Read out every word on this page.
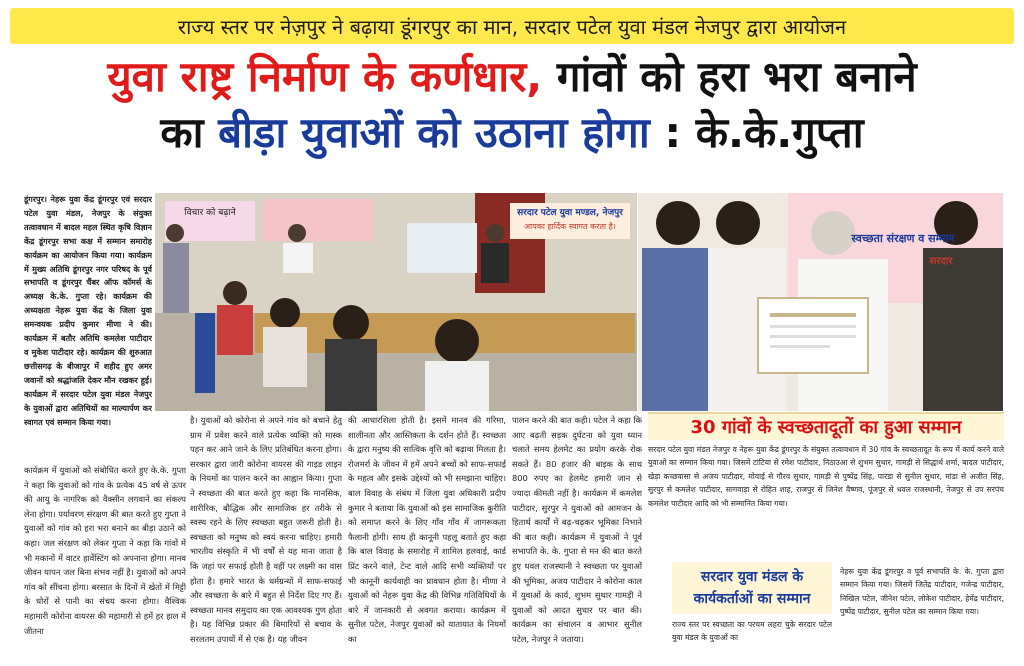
राज्य स्तर पर नेज़पुर ने बढ़ाया डूंगरपुर का मान, सरदार पटेल युवा मंडल नेजपुर द्वारा आयोजन
युवा राष्ट्र निर्माण के कर्णधार, गांवों को हरा भरा बनाने
का बीड़ा युवाओं को उठाना होगा : के.के.गुप्ता
डूंगरपुर। नेहरू युवा केंद्र डूंगरपुर एवं सरदार पटेल युवा मंडल, नेजपुर के संयुक्त तत्वावधान में बादल महल स्थित कृषि विज्ञान केंद्र डूंगरपुर सभा कक्ष में सम्मान समारोह कार्यक्रम का आयोजन किया गया। कार्यक्रम में मुख्य अतिथि डूंगरपुर नगर परिषद के पूर्व सभापति व डूंगरपुर चैंबर ऑफ कॉमर्स के अध्यक्ष के.के. गुप्ता रहे। कार्यक्रम की अध्यक्षता नेहरू युवा केंद्र के जिला युवा समन्वयक प्रदीप कुमार मीणा ने की। कार्यक्रम में बतौर अतिथि कमलेश पाटीदार व मुकेश पाटीदार रहे। कार्यक्रम की शुरुआत छत्तीसगढ़ के बीजापुर में शहीद हुए अमर जवानों को श्रद्धांजलि देकर मौन रखकर हुई। कार्यक्रम में सरदार पटेल युवा मंडल नेजपुर के युवाओं द्वारा अतिथियों का माल्यार्पण कर स्वागत एवं सम्मान किया गया।
विचार को बढ़ाने	सरदार पटेल युवा मण्डल, नेजपुर
आपका हार्दिक स्वागत करता है।
स्वच्छता संरक्षण व सम्मान
सरदार
कार्यक्रम में युवाओं को संबोधित करते हुए के.के. गुप्ता ने कहा कि युवाओं को गांव के प्रत्येक 45 वर्ष से ऊपर की आयु के नागरिक को वैक्सीन लगवाने का संकल्प लेना होगा। पर्यावरण संरक्षण की बात करते हुए गुप्ता ने युवाओं को गांव को हरा भरा बनाने का बीड़ा उठाने को कहा। जल संरक्षण को लेकर गुप्ता ने कहा कि गांवों में भी मकानों में वाटर हार्वेस्टिंग को अपनाना होगा। मानव जीवन यापन जल बिना संभव नहीं है। युवाओं को अपने गांव को सींचना होगा। बरसात के दिनों में खेतों में मिट्टी के धोरों से पानी का संचय करना होगा। वैश्विक महामारी कोरोना वायरस की महामारी से हमें हर हाल में जीतना
है। युवाओं को कोरोना से अपने गांव को बचाने हेतु ग्राम में प्रवेश करने वाले प्रत्येक व्यक्ति को मास्क पहन कर आने जाने के लिए प्रतिबंधित करना होगा। सरकार द्वारा जारी कोरोना वायरस की गाइड लाइन के नियमों का पालन करने का आह्वान किया। गुप्ता ने स्वच्छता की बात करते हुए कहा कि मानसिक, शारीरिक, बौद्धिक और सामाजिक हर तरीके से स्वस्थ रहने के लिए स्वच्छता बहुत जरूरी होती है। स्वच्छता को मनुष्य को स्वयं करना चाहिए। हमारी भारतीय संस्कृति में भी वर्षों से यह माना जाता है कि जहां पर सफाई होती है वहीं पर लक्ष्मी का वास होता है। हमारे भारत के धर्मग्रन्थों में साफ-सफाई और स्वच्छता के बारे में बहुत से निर्देश दिए गए हैं। स्वच्छता मानव समुदाय का एक आवश्यक गुण होता है। यह विभिन्न प्रकार की बिमारियों से बचाव के सरलतम उपायों में से एक है। यह जीवन
की आधारशिला होती है। इसमें मानव की गरिमा, शालीनता और आस्तिकता के दर्शन होते हैं। स्वच्छता के द्वारा मनुष्य की सात्विक वृत्ति को बढ़ावा मिलता है। रोजमर्रा के जीवन में हमें अपने बच्चों को साफ-सफाई के महत्व और इसके उद्देश्यों को भी समझाना चाहिए। बाल विवाह के संबंध में जिला युवा अधिकारी प्रदीप कुमार ने बताया कि युवाओं को इस सामाजिक कुरीति को समाप्त करने के लिए गाँव गाँव में जागरूकता फैलानी होगी। साथ ही कानूनी पहलू बताते हुए कहा कि बाल विवाह के समारोह में शामिल हलवाई, कार्ड प्रिंट करने वाले, टेन्ट वाले आदि सभी व्यक्तियों पर भी कानूनी कार्यवाही का प्रावधान होता है। मीणा ने युवाओं को नेहरू युवा केंद्र की विभिन्न गतिविधियों के बारे में जानकारी से अवगत कराया। कार्यक्रम में सुनील पटेल, नेजपुर युवाओं को यातायात के नियमों का
पालन करने की बात कही। पटेल ने कहा कि आए बढ़ती सड़क दुर्घटना को युवा ध्यान चलाते समय हेलमेट का प्रयोग करके रोक सकते हैं। 80 हजार की बाइक के साथ 800 रुपए का हेलमेट हमारी जान से ज्यादा कीमती नहीं है। कार्यक्रम में कमलेश पाटीदार, सुरपुर ने युवाओं को आमजन के हितार्थ कार्यों में बढ़-चढ़कर भूमिका निभाने की बात कही। कार्यक्रम में युवाओं ने पूर्व सभापति के. के. गुप्ता से मन की बात करते हुए धवल राजस्थानी ने स्वच्छता पर युवाओं की भूमिका, अजय पाटीदार ने कोरोना काल में युवाओं के कार्य, शुभम सुथार गामड़ी ने युवाओं को आदत सुधार पर बात की। कार्यक्रम का संचालन व आभार सुनील पटेल, नेजपुर ने जताया।
30 गांवों के स्वच्छतादूतों का हुआ सम्मान
सरदार पटेल युवा मंडल नेजपुर व नेहरू युवा केंद्र डूंगरपुर के संयुक्त तत्वावधान में 30 गांव के स्वच्छतादूत के रूप में कार्य करने वाले युवाओं का सम्मान किया गया। जिसमें टांटिया से रमेश पाटीदार, निठाउआ से शुभम सुथार, गामड़ी से सिद्धार्थ शर्मा, बादल पाटीदार, खेड़ा कच्छवासा से अजय पाटीदार, मोवाई से गौरव सुथार, गामड़ी से पुष्पेंद्र सिंह, पारडा से सुनील सुथार, मांडा से अजीत सिंह, सुरपुर से कमलेश पाटीदार, सागवाड़ा से रोहित शाह, राजपुर से जिनेश वैष्णव, पूंजपुर से धवल राजस्थानी, नेजपुर से उप सरपंच कमलेश पाटीदार आदि को भी सम्मानित किया गया।
सरदार युवा मंडल के
कार्यकर्ताओं का सम्मान
राज्य स्तर पर स्वच्छता का परचम लहरा चुके सरदार पटेल युवा मंडल के युवाओं का
नेहरू युवा केंद्र डूंगरपुर व पूर्व सभापति के. के. गुप्ता द्वारा सम्मान किया गया। जिसमें जितेंद्र पाटीदार, गजेन्द्र पाटीदार, निखिल पटेल, जीनेश पटेल, लोकेश पाटीदार, हेमेंद्र पाटीदार, पुष्पेंद्र पाटीदार, सुनील पटेल का सम्मान किया गया।
